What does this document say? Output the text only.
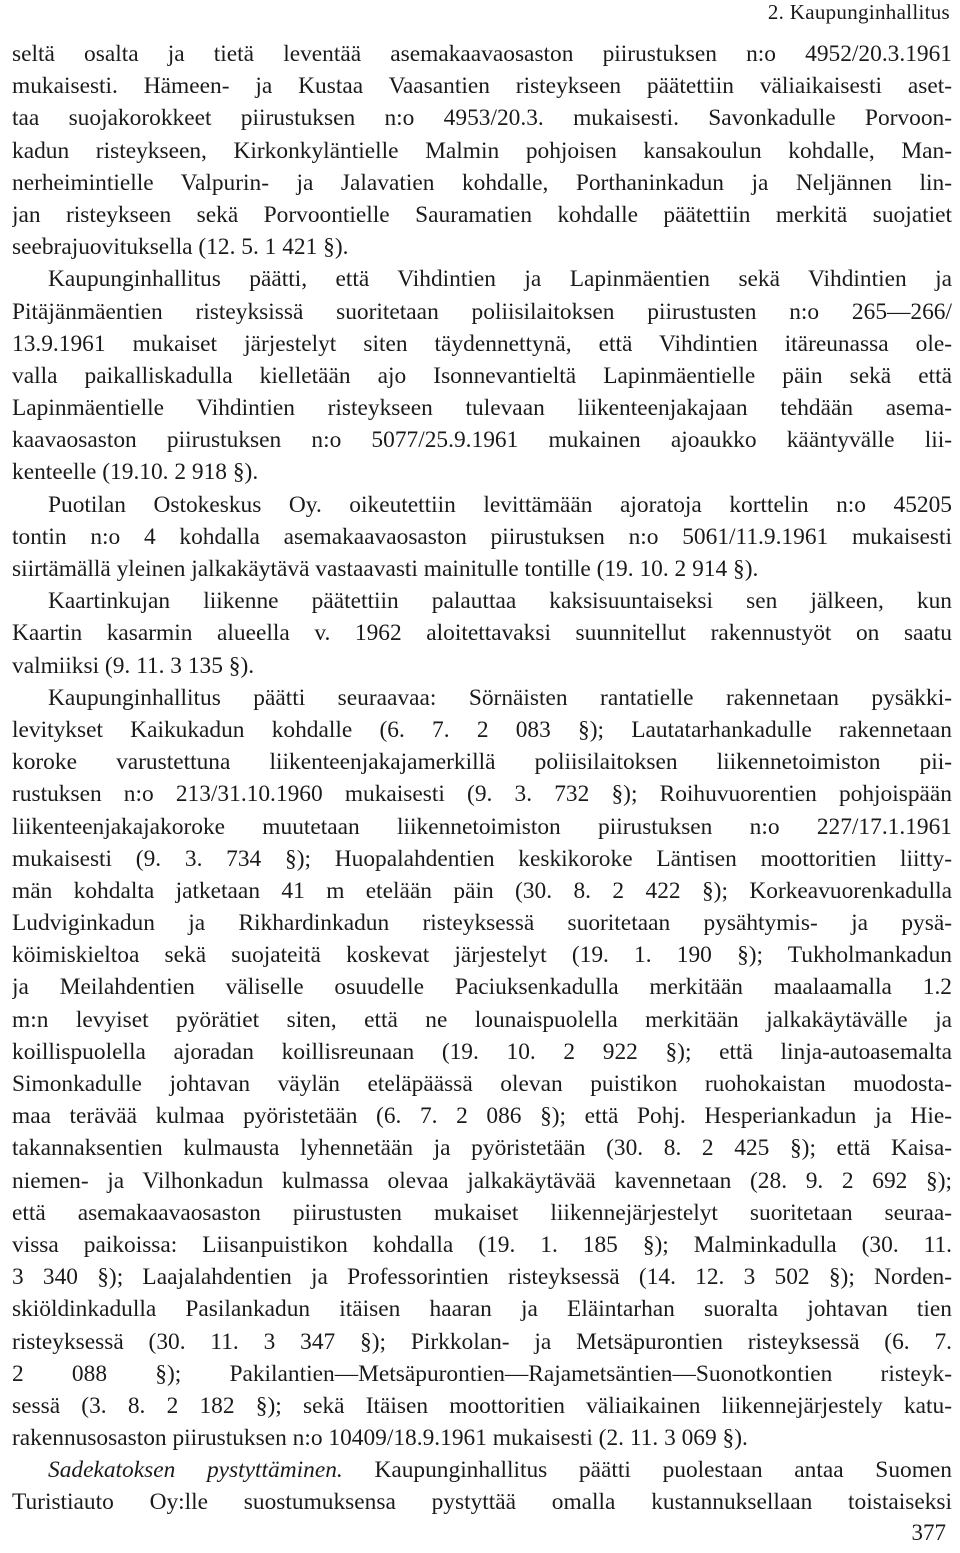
2. Kaupunginhallitus
seltä osalta ja tietä leventää asemakaavaosaston piirustuksen n:o 4952/20.3.1961
mukaisesti. Hämeen- ja Kustaa Vaasantien risteykseen päätettiin väliaikaisesti aset-
taa suojakorokkeet piirustuksen n:o 4953/20.3. mukaisesti. Savonkadulle Porvoon-
kadun risteykseen, Kirkonkyläntielle Malmin pohjoisen kansakoulun kohdalle, Man-
nerheimintielle Valpurin- ja Jalavatien kohdalle, Porthaninkadun ja Neljännen lin-
jan risteykseen sekä Porvoontielle Sauramatien kohdalle päätettiin merkitä suojatiet
seebrajuovituksella (12. 5. 1 421 §).
Kaupunginhallitus päätti, että Vihdintien ja Lapinmäentien sekä Vihdintien ja
Pitäjänmäentien risteyksissä suoritetaan poliisilaitoksen piirustusten n:o 265—266/
13.9.1961 mukaiset järjestelyt siten täydennettynä, että Vihdintien itäreunassa ole-
valla paikalliskadulla kielletään ajo Isonnevantieltä Lapinmäentielle päin sekä että
Lapinmäentielle Vihdintien risteykseen tulevaan liikenteenjakajaan tehdään asema-
kaavaosaston piirustuksen n:o 5077/25.9.1961 mukainen ajoaukko kääntyvälle lii-
kenteelle (19.10. 2 918 §).
Puotilan Ostokeskus Oy. oikeutettiin levittämään ajoratoja korttelin n:o 45205
tontin n:o 4 kohdalla asemakaavaosaston piirustuksen n:o 5061/11.9.1961 mukaisesti
siirtämällä yleinen jalkakäytävä vastaavasti mainitulle tontille (19. 10. 2 914 §).
Kaartinkujan liikenne päätettiin palauttaa kaksisuuntaiseksi sen jälkeen, kun
Kaartin kasarmin alueella v. 1962 aloitettavaksi suunnitellut rakennustyöt on saatu
valmiiksi (9. 11. 3 135 §).
Kaupunginhallitus päätti seuraavaa: Sörnäisten rantatielle rakennetaan pysäkki-
levitykset Kaikukadun kohdalle (6. 7. 2 083 §); Lautatarhankadulle rakennetaan
koroke varustettuna liikenteenjakajamerkillä poliisilaitoksen liikennetoimiston pii-
rustuksen n:o 213/31.10.1960 mukaisesti (9. 3. 732 §); Roihuvuorentien pohjoispään
liikenteenjakajakoroke muutetaan liikennetoimiston piirustuksen n:o 227/17.1.1961
mukaisesti (9. 3. 734 §); Huopalahdentien keskikoroke Läntisen moottoritien liitty-
män kohdalta jatketaan 41 m etelään päin (30. 8. 2 422 §); Korkeavuorenkadulla
Ludviginkadun ja Rikhardinkadun risteyksessä suoritetaan pysähtymis- ja pysä-
köimiskieltoa sekä suojateitä koskevat järjestelyt (19. 1. 190 §); Tukholmankadun
ja Meilahdentien väliselle osuudelle Paciuksenkadulla merkitään maalaamalla 1.2
m:n levyiset pyörätiet siten, että ne lounaispuolella merkitään jalkakäytävälle ja
koillispuolella ajoradan koillisreunaan (19. 10. 2 922 §); että linja-autoasemalta
Simonkadulle johtavan väylän eteläpäässä olevan puistikon ruohokaistan muodosta-
maa terävää kulmaa pyöristetään (6. 7. 2 086 §); että Pohj. Hesperiankadun ja Hie-
takannaksentien kulmausta lyhennetään ja pyöristetään (30. 8. 2 425 §); että Kaisa-
niemen- ja Vilhonkadun kulmassa olevaa jalkakäytävää kavennetaan (28. 9. 2 692 §);
että asemakaavaosaston piirustusten mukaiset liikennejärjestelyt suoritetaan seuraa-
vissa paikoissa: Liisanpuistikon kohdalla (19. 1. 185 §); Malminkadulla (30. 11.
3 340 §); Laajalahdentien ja Professorintien risteyksessä (14. 12. 3 502 §); Norden-
skiöldinkadulla Pasilankadun itäisen haaran ja Eläintarhan suoralta johtavan tien
risteyksessä (30. 11. 3 347 §); Pirkkolan- ja Metsäpurontien risteyksessä (6. 7.
2 088 §); Pakilantien—Metsäpurontien—Rajametsäntien—Suonotkontien risteyk-
sessä (3. 8. 2 182 §); sekä Itäisen moottoritien väliaikainen liikennejärjestely katu-
rakennusosaston piirustuksen n:o 10409/18.9.1961 mukaisesti (2. 11. 3 069 §).
Sadekatoksen pystyttäminen. Kaupunginhallitus päätti puolestaan antaa Suomen
Turistiauto Oy:lle suostumuksensa pystyttää omalla kustannuksellaan toistaiseksi
377
